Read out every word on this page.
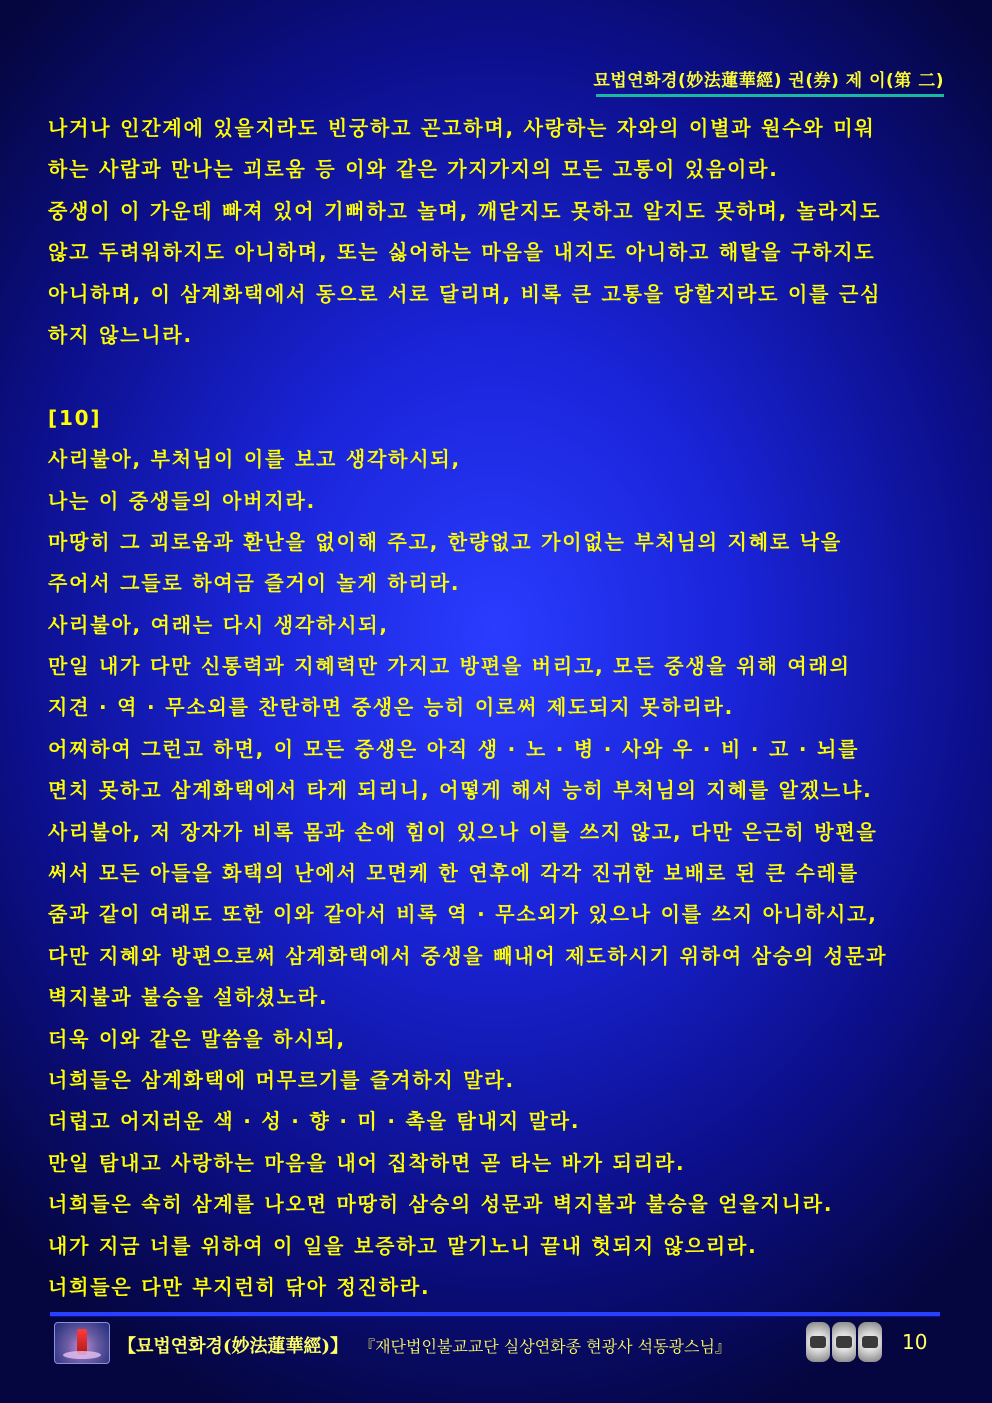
묘법연화경(妙法蓮華經) 권(券) 제 이(第 二)
나거나 인간계에 있을지라도 빈궁하고 곤고하며, 사랑하는 자와의 이별과 원수와 미워
하는 사람과 만나는 괴로움 등 이와 같은 가지가지의 모든 고통이 있음이라.
중생이 이 가운데 빠져 있어 기뻐하고 놀며, 깨닫지도 못하고 알지도 못하며, 놀라지도
않고 두려워하지도 아니하며, 또는 싫어하는 마음을 내지도 아니하고 해탈을 구하지도
아니하며, 이 삼계화택에서 동으로 서로 달리며, 비록 큰 고통을 당할지라도 이를 근심
하지 않느니라.
[10]
사리불아, 부처님이 이를 보고 생각하시되,
나는 이 중생들의 아버지라.
마땅히 그 괴로움과 환난을 없이해 주고, 한량없고 가이없는 부처님의 지혜로 낙을
주어서 그들로 하여금 즐거이 놀게 하리라.
사리불아, 여래는 다시 생각하시되,
만일 내가 다만 신통력과 지혜력만 가지고 방편을 버리고, 모든 중생을 위해 여래의
지견 · 역 · 무소외를 찬탄하면 중생은 능히 이로써 제도되지 못하리라.
어찌하여 그런고 하면, 이 모든 중생은 아직 생 · 노 · 병 · 사와 우 · 비 · 고 · 뇌를
면치 못하고 삼계화택에서 타게 되리니, 어떻게 해서 능히 부처님의 지혜를 알겠느냐.
사리불아, 저 장자가 비록 몸과 손에 힘이 있으나 이를 쓰지 않고, 다만 은근히 방편을
써서 모든 아들을 화택의 난에서 모면케 한 연후에 각각 진귀한 보배로 된 큰 수레를
줌과 같이 여래도 또한 이와 같아서 비록 역 · 무소외가 있으나 이를 쓰지 아니하시고,
다만 지혜와 방편으로써 삼계화택에서 중생을 빼내어 제도하시기 위하여 삼승의 성문과
벽지불과 불승을 설하셨노라.
더욱 이와 같은 말씀을 하시되,
너희들은 삼계화택에 머무르기를 즐겨하지 말라.
더럽고 어지러운 색 · 성 · 향 · 미 · 촉을 탐내지 말라.
만일 탐내고 사랑하는 마음을 내어 집착하면 곧 타는 바가 되리라.
너희들은 속히 삼계를 나오면 마땅히 삼승의 성문과 벽지불과 불승을 얻을지니라.
내가 지금 너를 위하여 이 일을 보증하고 맡기노니 끝내 헛되지 않으리라.
너희들은 다만 부지런히 닦아 정진하라.
【묘법연화경(妙法蓮華經)】 『재단법인불교교단 실상연화종 현광사 석동광스님』	10
